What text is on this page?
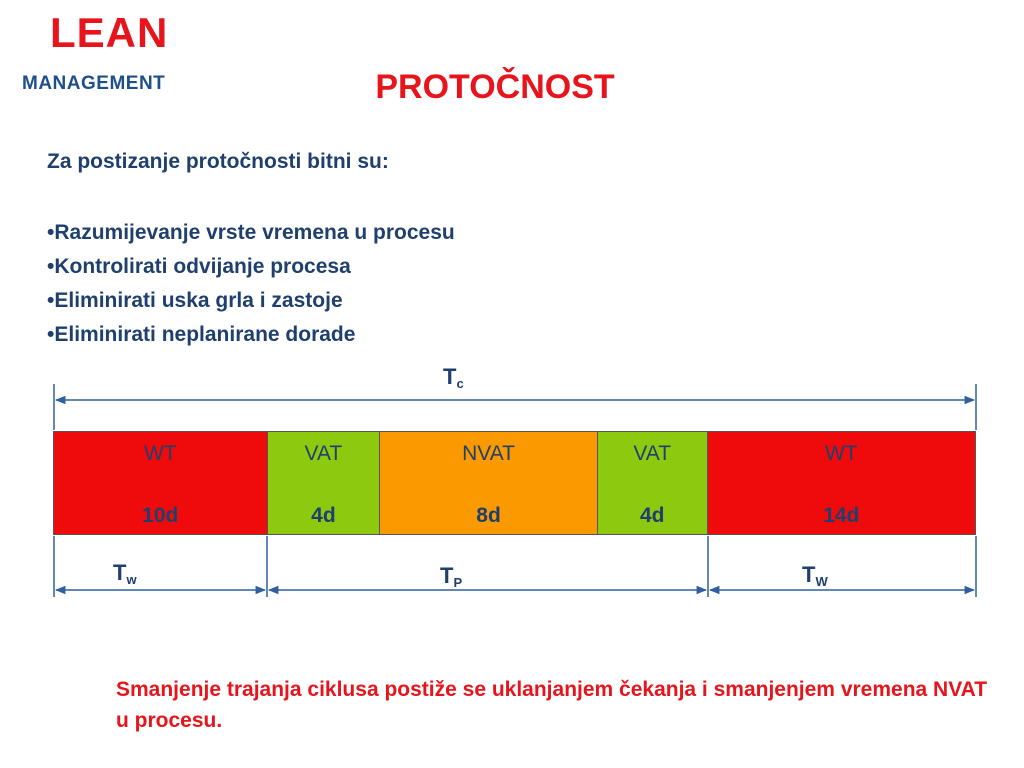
LEAN
MANAGEMENT	PROTOČNOST
Za postizanje protočnosti bitni su:
•Razumijevanje vrste vremena u procesu
•Kontrolirati odvijanje procesa
•Eliminirati uska grla i zastoje
•Eliminirati neplanirane dorade
$T_c$
$T_w$	$T_P$	$T_W$
WT
10d
VAT
4d
NVAT
8d
VAT
4d
WT
14d
Smanjenje trajanja ciklusa postiže se uklanjanjem čekanja i smanjenjem vremena NVAT u procesu.
